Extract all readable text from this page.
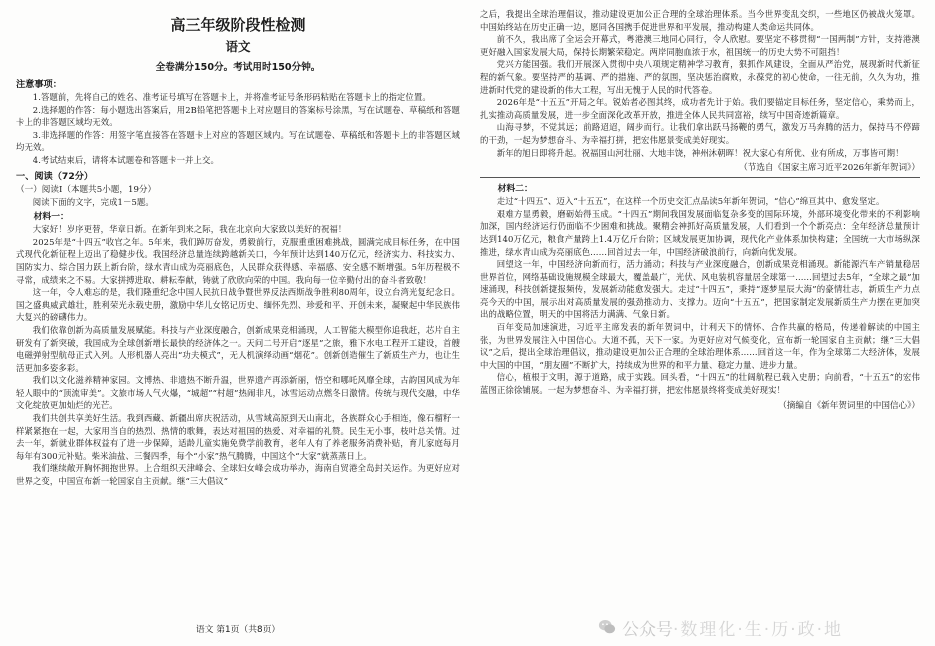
高三年级阶段性检测
语文
全卷满分150分。考试用时150分钟。
注意事项：

1.答题前，先将自己的姓名、准考证号填写在答题卡上，并将准考证号条形码粘贴在答题卡上的指定位置。

2.选择题的作答：每小题选出答案后，用2B铅笔把答题卡上对应题目的答案标号涂黑，写在试题卷、草稿纸和答题卡上的非答题区域均无效。

3.非选择题的作答：用签字笔直接答在答题卡上对应的答题区域内。写在试题卷、草稿纸和答题卡上的非答题区域均无效。

4.考试结束后，请将本试题卷和答题卡一并上交。

一、阅读（72分）
（一）阅读Ⅰ（本题共5小题，19分）

阅读下面的文字，完成1－5题。

材料一：

大家好！岁序更替，华章日新。在新年到来之际，我在北京向大家致以美好的祝福！

2025年是“十四五”收官之年。5年来，我们踔厉奋发，勇毅前行，克服重重困难挑战，圆满完成目标任务，在中国式现代化新征程上迈出了稳健步伐。我国经济总量连续跨越新关口，今年预计达到140万亿元，经济实力、科技实力、国防实力、综合国力跃上新台阶，绿水青山成为亮丽底色，人民群众获得感、幸福感、安全感不断增强。5年历程极不寻常，成绩来之不易。大家拼搏进取、耕耘奉献，铸就了欣欣向荣的中国。我向每一位辛勤付出的奋斗者致敬！

这一年，令人难忘的是，我们隆重纪念中国人民抗日战争暨世界反法西斯战争胜利80周年，设立台湾光复纪念日。国之盛典威武雄壮，胜利荣光永载史册，激励中华儿女铭记历史、缅怀先烈、珍爱和平、开创未来，凝聚起中华民族伟大复兴的磅礴伟力。

我们依靠创新为高质量发展赋能。科技与产业深度融合，创新成果竞相涌现，人工智能大模型你追我赶，芯片自主研发有了新突破，我国成为全球创新增长最快的经济体之一。天问二号开启“逐星”之旅，雅下水电工程开工建设，首艘电磁弹射型航母正式入列。人形机器人亮出“功夫模式”，无人机演绎动画“烟花”。创新创造催生了新质生产力，也让生活更加多姿多彩。

我们以文化滋养精神家园。文博热、非遗热不断升温，世界遗产再添新丽，悟空和哪吒风靡全球，古韵国风成为年轻人眼中的“顶流审美”。文旅市场人气火爆，“城超”“村超”热闹非凡，冰雪运动点燃冬日激情。传统与现代交融，中华文化绽放更加灿烂的光芒。

我们共创共享美好生活。我到西藏、新疆出席庆祝活动，从雪域高原到天山南北，各族群众心手相连，像石榴籽一样紧紧抱在一起，大家用当自的热烈、热情的歌舞，表达对祖国的热爱、对幸福的礼赞。民生无小事，枝叶总关情。过去一年，新就业群体权益有了进一步保障，适龄儿童实施免费学前教育，老年人有了养老服务消费补贴，育儿家庭每月每年有300元补贴。柴米油盐、三餐四季，每个“小家”热气腾腾，中国这个“大家”就蒸蒸日上。

我们继续敞开胸怀拥抱世界。上合组织天津峰会、全球妇女峰会成功举办，海南自贸港全岛封关运作。为更好应对世界之变，中国宣布新一轮国家自主贡献。继“三大倡议”

语文 第1页（共8页）

之后，我提出全球治理倡议，推动建设更加公正合理的全球治理体系。当今世界变乱交织，一些地区仍被战火笼罩。中国始终站在历史正确一边，愿同各国携手促进世界和平发展，推动构建人类命运共同体。

前不久，我出席了全运会开幕式，粤港澳三地同心同行，令人欣慰。要坚定不移贯彻“一国两制”方针，支持港澳更好融入国家发展大局，保持长期繁荣稳定。两岸同胞血浓于水，祖国统一的历史大势不可阻挡！

党兴方能国强。我们开展深入贯彻中央八项规定精神学习教育，狠抓作风建设，全面从严治党，展现新时代新征程的新气象。要坚持严的基调、严的措施、严的氛围，坚决惩治腐败，永葆党的初心使命，一往无前，久久为功，推进新时代党的建设新的伟大工程，写出无愧于人民的时代答卷。

2026年是“十五五”开局之年。锐始者必图其终，成功者先计于始。我们要锚定目标任务，坚定信心，乘势而上，扎实推动高质量发展，进一步全面深化改革开放，推进全体人民共同富裕，续写中国奇迹新篇章。

山海寻梦，不觉其远；前路迢迢，阔步而行。让我们拿出跃马扬鞭的勇气，激发万马奔腾的活力，保持马不停蹄的干劲，一起为梦想奋斗、为幸福打拼，把宏伟愿景变成美好现实。

新年的旭日即将升起。祝福国山河壮丽、大地丰饶，神州沐朝晖！祝大家心有所优、业有所成，万事皆可期！

（节选自《国家主席习近平2026年新年贺词》）
材料二：

走过“十四五”、迈入“十五五”，在这样一个历史交汇点品读5年新年贺词，“信心”绵亘其中、愈发坚定。

艰难方显勇毅，磨砺始得玉成。“十四五”期间我国发展面临复杂多变的国际环境，外部环境变化带来的不利影响加深，国内经济运行仍面临不少困难和挑战。聚精会神抓好高质量发展，人们看到一个个新亮点：全年经济总量预计达到140万亿元，粮食产量跨上1.4万亿斤台阶；区域发展更加协调，现代化产业体系加快构建；全国统一大市场纵深推进，绿水青山成为亮丽底色……回首过去一年，中国经济破浪前行，向新向优发展。

回望这一年，中国经济向新而行，活力涌动；科技与产业深度融合，创新成果竞相涌现。新能源汽车产销量稳居世界首位，网络基础设施规模全球最大，覆盖最广，光伏、风电装机容量居全球第一……回望过去5年，“全球之最”加速涌现，科技创新捷报频传，发展新动能愈发强大。走过“十四五”，秉持“逐梦星辰大海”的豪情壮志，新质生产力点亮今天的中国，展示出对高质量发展的强劲推动力、支撑力。迈向“十五五”，把国家制定发展新质生产力摆在更加突出的战略位置，明天的中国将活力满满、气象日新。

百年变局加速演进，习近平主席发表的新年贺词中，计利天下的情怀、合作共赢的格局，传递着解读的中国主张，为世界发展注入中国信心。大道不孤，天下一家。为更好应对气候变化，宣布新一轮国家自主贡献；继“三大倡议”之后，提出全球治理倡议，推动建设更加公正合理的全球治理体系……回首这一年，作为全球第二大经济体，发展中大国的中国，“朋友圈”不断扩大，持续成为世界的和平力量、稳定力量、进步力量。

信心，植根于文明，源于道路，成于实践。回头看，“十四五”的壮阔航程已载入史册；向前看，“十五五”的宏伟蓝图正徐徐铺展。一起为梦想奋斗、为幸福打拼，把宏伟愿景终将变成美好现实！

（摘编自《新年贺词里的中国信心》）
公众号 ·数理化·生·历·政·地
